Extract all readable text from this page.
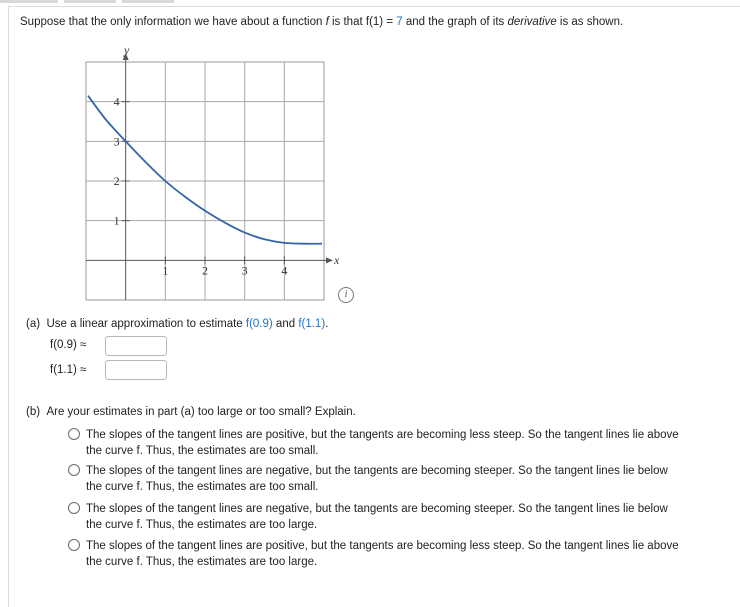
Suppose that the only information we have about a function f is that f(1) = 7 and the graph of its derivative is as shown.
y
x
1
2
3
4
1	2	3	4
i
(a) Use a linear approximation to estimate f(0.9) and f(1.1).
f(0.9) ≈
f(1.1) ≈
(b) Are your estimates in part (a) too large or too small? Explain.
The slopes of the tangent lines are positive, but the tangents are becoming less steep. So the tangent lines lie above
the curve f. Thus, the estimates are too small.
The slopes of the tangent lines are negative, but the tangents are becoming steeper. So the tangent lines lie below
the curve f. Thus, the estimates are too small.
The slopes of the tangent lines are negative, but the tangents are becoming steeper. So the tangent lines lie below
the curve f. Thus, the estimates are too large.
The slopes of the tangent lines are positive, but the tangents are becoming less steep. So the tangent lines lie above
the curve f. Thus, the estimates are too large.
